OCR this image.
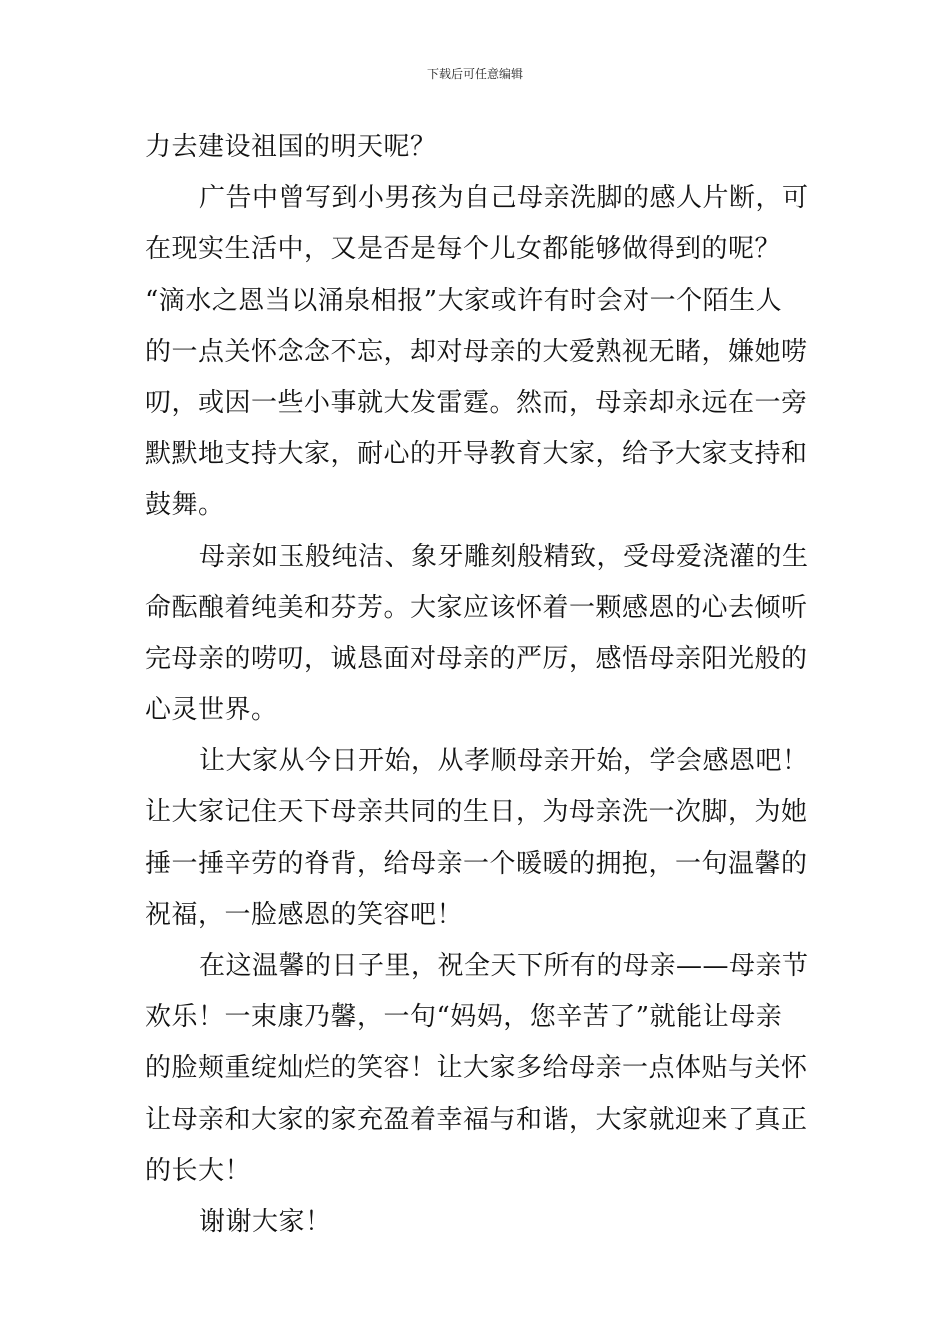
下载后可任意编辑
力去建设祖国的明天呢？
广告中曾写到小男孩为自己母亲洗脚的感人片断，可
在现实生活中，又是否是每个儿女都能够做得到的呢？
“滴水之恩当以涌泉相报”大家或许有时会对一个陌生人
的一点关怀念念不忘，却对母亲的大爱熟视无睹，嫌她唠
叨，或因一些小事就大发雷霆。然而，母亲却永远在一旁
默默地支持大家，耐心的开导教育大家，给予大家支持和
鼓舞。
母亲如玉般纯洁、象牙雕刻般精致，受母爱浇灌的生
命酝酿着纯美和芬芳。大家应该怀着一颗感恩的心去倾听
完母亲的唠叨，诚恳面对母亲的严厉，感悟母亲阳光般的
心灵世界。
让大家从今日开始，从孝顺母亲开始，学会感恩吧！
让大家记住天下母亲共同的生日，为母亲洗一次脚，为她
捶一捶辛劳的脊背，给母亲一个暖暖的拥抱，一句温馨的
祝福，一脸感恩的笑容吧！
在这温馨的日子里，祝全天下所有的母亲——母亲节
欢乐！一束康乃馨，一句“妈妈，您辛苦了”就能让母亲
的脸颊重绽灿烂的笑容！让大家多给母亲一点体贴与关怀
让母亲和大家的家充盈着幸福与和谐，大家就迎来了真正
的长大！
谢谢大家！
